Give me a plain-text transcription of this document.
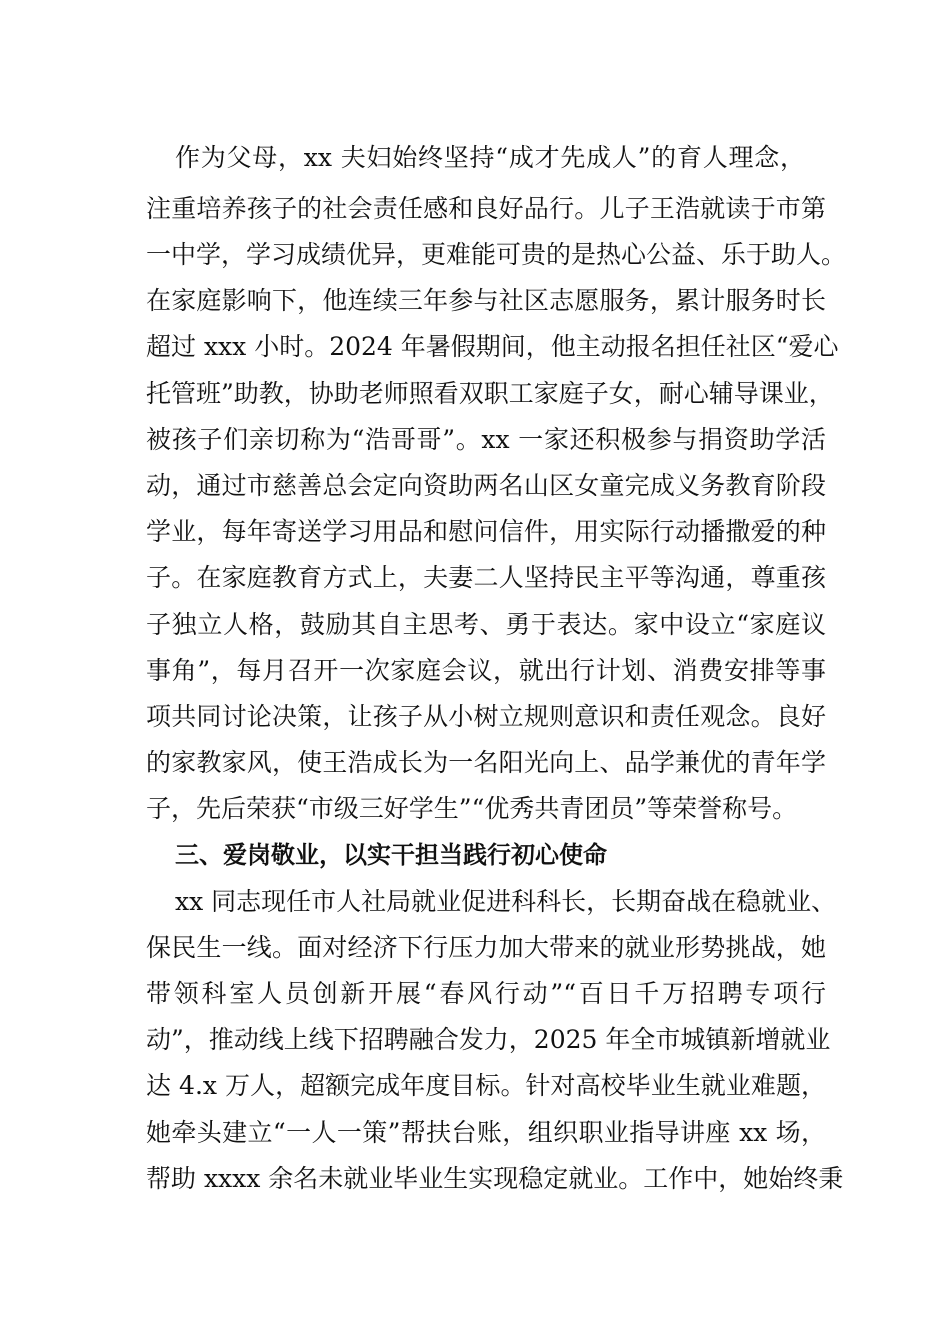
作为父母，xx 夫妇始终坚持“成才先成人”的育人理念，

注重培养孩子的社会责任感和良好品行。儿子王浩就读于市第

一中学，学习成绩优异，更难能可贵的是热心公益、乐于助人。

在家庭影响下，他连续三年参与社区志愿服务，累计服务时长

超过 xxx 小时。2024 年暑假期间，他主动报名担任社区“爱心

托管班”助教，协助老师照看双职工家庭子女，耐心辅导课业，

被孩子们亲切称为“浩哥哥”。xx 一家还积极参与捐资助学活

动，通过市慈善总会定向资助两名山区女童完成义务教育阶段

学业，每年寄送学习用品和慰问信件，用实际行动播撒爱的种

子。在家庭教育方式上，夫妻二人坚持民主平等沟通，尊重孩

子独立人格，鼓励其自主思考、勇于表达。家中设立“家庭议

事角”，每月召开一次家庭会议，就出行计划、消费安排等事

项共同讨论决策，让孩子从小树立规则意识和责任观念。良好

的家教家风，使王浩成长为一名阳光向上、品学兼优的青年学

子，先后荣获“市级三好学生”“优秀共青团员”等荣誉称号。

三、爱岗敬业，以实干担当践行初心使命

xx 同志现任市人社局就业促进科科长，长期奋战在稳就业、

保民生一线。面对经济下行压力加大带来的就业形势挑战，她

带领科室人员创新开展“春风行动”“百日千万招聘专项行

动”，推动线上线下招聘融合发力，2025 年全市城镇新增就业

达 4.x 万人，超额完成年度目标。针对高校毕业生就业难题，

她牵头建立“一人一策”帮扶台账，组织职业指导讲座 xx 场，

帮助 xxxx 余名未就业毕业生实现稳定就业。工作中，她始终秉
